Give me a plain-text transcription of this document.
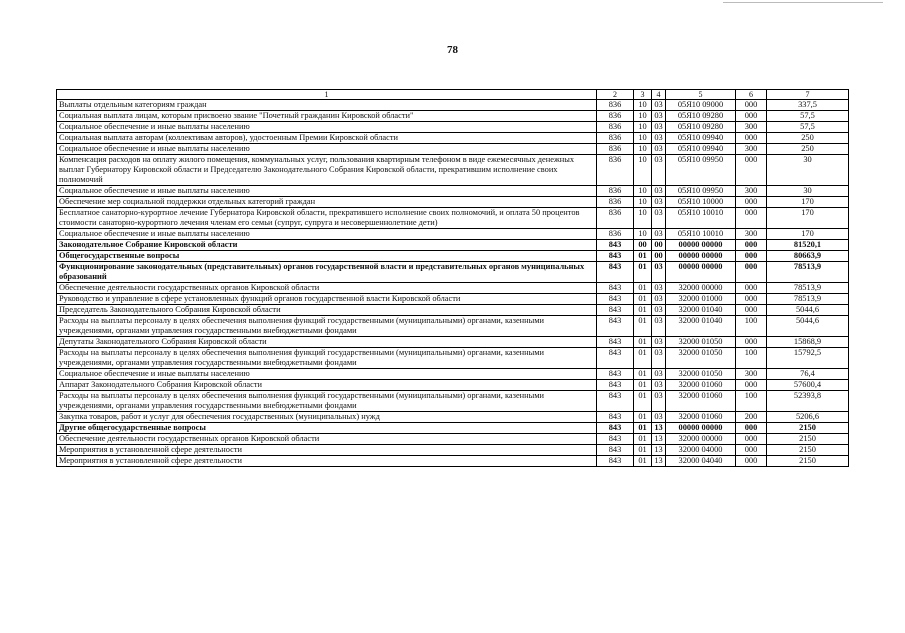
78
1	2	3	4	5	6	7
Выплаты отдельным категориям граждан	836	10	03	05Я10 09000	000	337,5
Социальная выплата лицам, которым присвоено звание "Почетный гражданин Кировской области"	836	10	03	05Я10 09280	000	57,5
Социальное обеспечение и иные выплаты населению	836	10	03	05Я10 09280	300	57,5
Социальная выплата авторам (коллективам авторов), удостоенным Премии Кировской области	836	10	03	05Я10 09940	000	250
Социальное обеспечение и иные выплаты населению	836	10	03	05Я10 09940	300	250
Компенсация расходов на оплату жилого помещения, коммунальных услуг, пользования квартирным телефоном в виде ежемесячных денежных выплат Губернатору Кировской области и Председателю Законодательного Собрания Кировской области, прекратившим исполнение своих полномочий	836	10	03	05Я10 09950	000	30
Социальное обеспечение и иные выплаты населению	836	10	03	05Я10 09950	300	30
Обеспечение мер социальной поддержки отдельных категорий граждан	836	10	03	05Я10 10000	000	170
Бесплатное санаторно-курортное лечение Губернатора Кировской области, прекратившего исполнение своих полномочий, и оплата 50 процентов стоимости санаторно-курортного лечения членам его семьи (супруг, супруга и несовершеннолетние дети)	836	10	03	05Я10 10010	000	170
Социальное обеспечение и иные выплаты населению	836	10	03	05Я10 10010	300	170
Законодательное Собрание Кировской области	843	00	00	00000 00000	000	81520,1
Общегосударственные вопросы	843	01	00	00000 00000	000	80663,9
Функционирование законодательных (представительных) органов государственной власти и представительных органов муниципальных образований	843	01	03	00000 00000	000	78513,9
Обеспечение деятельности государственных органов Кировской области	843	01	03	32000 00000	000	78513,9
Руководство и управление в сфере установленных функций органов государственной власти Кировской области	843	01	03	32000 01000	000	78513,9
Председатель Законодательного Собрания Кировской области	843	01	03	32000 01040	000	5044,6
Расходы на выплаты персоналу в целях обеспечения выполнения функций государственными (муниципальными) органами, казенными учреждениями, органами управления государственными внебюджетными фондами	843	01	03	32000 01040	100	5044,6
Депутаты Законодательного Собрания Кировской области	843	01	03	32000 01050	000	15868,9
Расходы на выплаты персоналу в целях обеспечения выполнения функций государственными (муниципальными) органами, казенными учреждениями, органами управления государственными внебюджетными фондами	843	01	03	32000 01050	100	15792,5
Социальное обеспечение и иные выплаты населению	843	01	03	32000 01050	300	76,4
Аппарат Законодательного Собрания Кировской области	843	01	03	32000 01060	000	57600,4
Расходы на выплаты персоналу в целях обеспечения выполнения функций государственными (муниципальными) органами, казенными учреждениями, органами управления государственными внебюджетными фондами	843	01	03	32000 01060	100	52393,8
Закупка товаров, работ и услуг для обеспечения государственных (муниципальных) нужд	843	01	03	32000 01060	200	5206,6
Другие общегосударственные вопросы	843	01	13	00000 00000	000	2150
Обеспечение деятельности государственных органов Кировской области	843	01	13	32000 00000	000	2150
Мероприятия в установленной сфере деятельности	843	01	13	32000 04000	000	2150
Мероприятия в установленной сфере деятельности	843	01	13	32000 04040	000	2150
